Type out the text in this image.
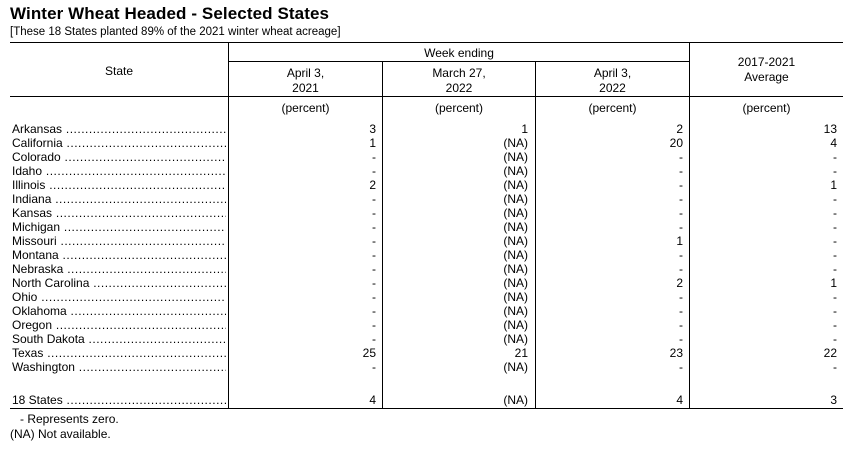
Winter Wheat Headed - Selected States
[These 18 States planted 89% of the 2021 winter wheat acreage]
State
Week ending
April 3,
2021
March 27,
2022
April 3,
2022
2017-2021
Average
(percent)	(percent)	(percent)	(percent)
Arkansas .....	3	1	2	13
California .....	1	(NA)	20	4
Colorado .....	-	(NA)	-	-
Idaho .....	-	(NA)	-	-
Illinois .....	2	(NA)	-	1
Indiana .....	-	(NA)	-	-
Kansas .....	-	(NA)	-	-
Michigan .....	-	(NA)	-	-
Missouri .....	-	(NA)	1	-
Montana .....	-	(NA)	-	-
Nebraska .....	-	(NA)	-	-
North Carolina .....	-	(NA)	2	1
Ohio .....	-	(NA)	-	-
Oklahoma .....	-	(NA)	-	-
Oregon .....	-	(NA)	-	-
South Dakota .....	-	(NA)	-	-
Texas .....	25	21	23	22
Washington .....	-	(NA)	-	-
18 States .....	4	(NA)	4	3
- Represents zero.
(NA) Not available.
